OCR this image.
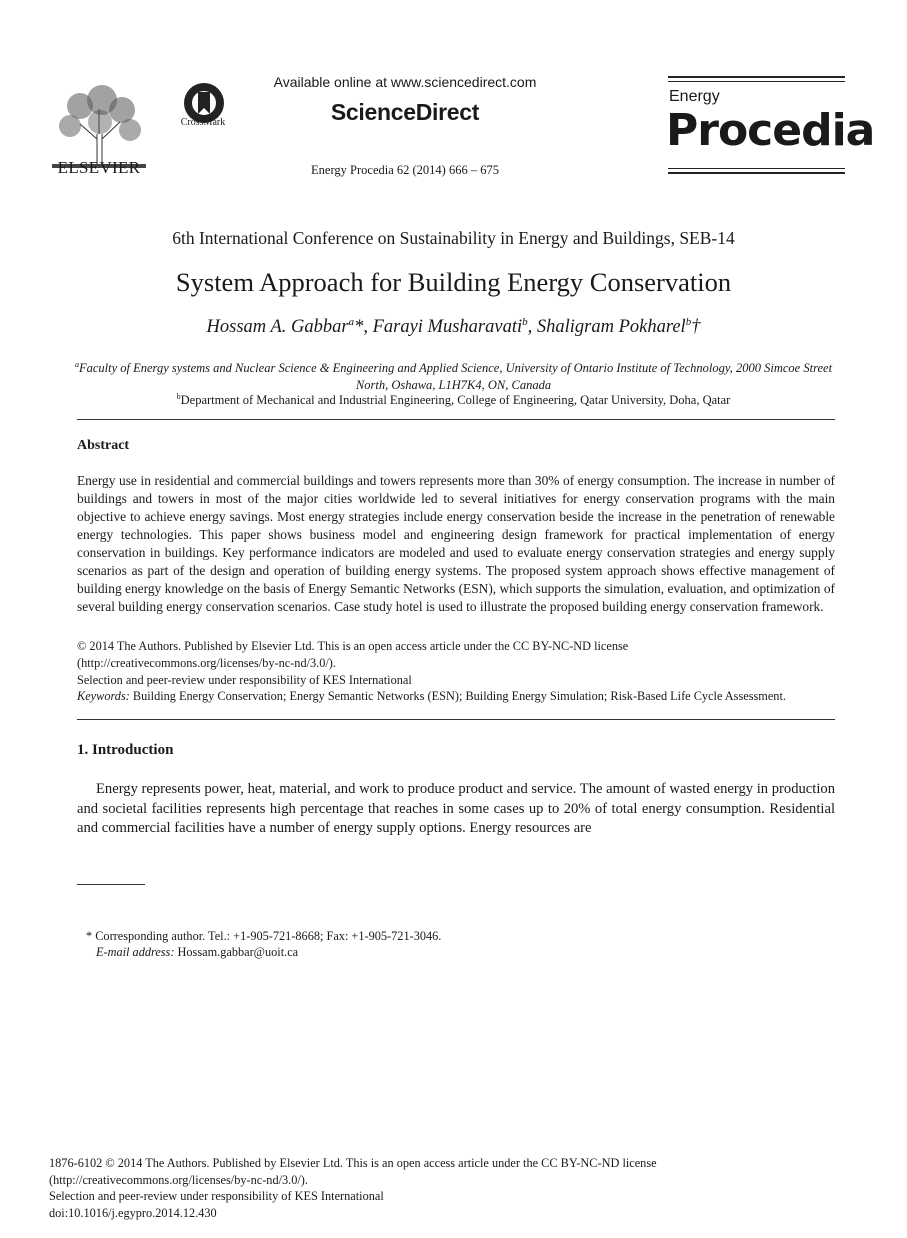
ELSEVIER
CrossMark
Available online at www.sciencedirect.com
ScienceDirect
Energy Procedia 62 (2014) 666 – 675
Energy
Procedia
6th International Conference on Sustainability in Energy and Buildings, SEB-14
System Approach for Building Energy Conservation
Hossam A. Gabbar$^a$*, Farayi Musharavati$^b$, Shaligram Pokharel$^b$†
$^a$Faculty of Energy systems and Nuclear Science & Engineering and Applied Science, University of Ontario Institute of Technology, 2000 Simcoe Street North, Oshawa, L1H7K4, ON, Canada
$^b$Department of Mechanical and Industrial Engineering, College of Engineering, Qatar University, Doha, Qatar
Abstract
Energy use in residential and commercial buildings and towers represents more than 30% of energy consumption. The increase in number of buildings and towers in most of the major cities worldwide led to several initiatives for energy conservation programs with the main objective to achieve energy savings. Most energy strategies include energy conservation beside the increase in the penetration of renewable energy technologies. This paper shows business model and engineering design framework for practical implementation of energy conservation in buildings. Key performance indicators are modeled and used to evaluate energy conservation strategies and energy supply scenarios as part of the design and operation of building energy systems. The proposed system approach shows effective management of building energy knowledge on the basis of Energy Semantic Networks (ESN), which supports the simulation, evaluation, and optimization of several building energy conservation scenarios. Case study hotel is used to illustrate the proposed building energy conservation framework.
© 2014 The Authors. Published by Elsevier Ltd. This is an open access article under the CC BY-NC-ND license
(http://creativecommons.org/licenses/by-nc-nd/3.0/).
Selection and peer-review under responsibility of KES International
Keywords: Building Energy Conservation; Energy Semantic Networks (ESN); Building Energy Simulation; Risk-Based Life Cycle Assessment.
1. Introduction
Energy represents power, heat, material, and work to produce product and service. The amount of wasted energy in production and societal facilities represents high percentage that reaches in some cases up to 20% of total energy consumption. Residential and commercial facilities have a number of energy supply options. Energy resources are
* Corresponding author. Tel.: +1-905-721-8668; Fax: +1-905-721-3046.
E-mail address: Hossam.gabbar@uoit.ca
1876-6102 © 2014 The Authors. Published by Elsevier Ltd. This is an open access article under the CC BY-NC-ND license
(http://creativecommons.org/licenses/by-nc-nd/3.0/).
Selection and peer-review under responsibility of KES International
doi:10.1016/j.egypro.2014.12.430
